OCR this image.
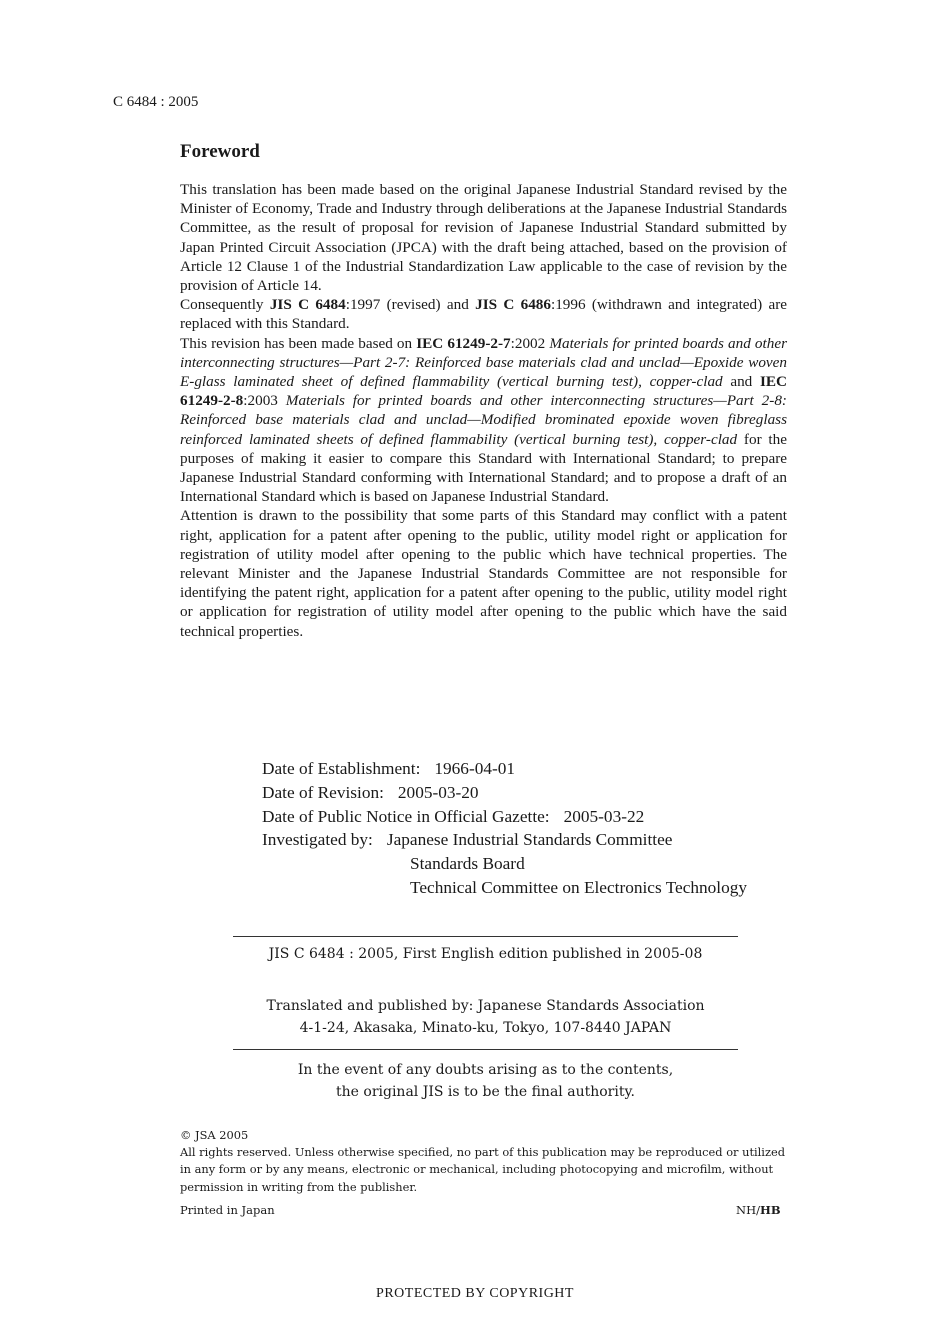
C 6484 : 2005
Foreword

This translation has been made based on the original Japanese Industrial Standard revised by the Minister of Economy, Trade and Industry through deliberations at the Japanese Industrial Standards Committee, as the result of proposal for revision of Japanese Industrial Standard submitted by Japan Printed Circuit Association (JPCA) with the draft being attached, based on the provision of Article 12 Clause 1 of the Industrial Standardization Law applicable to the case of revision by the provision of Article 14.

Consequently JIS C 6484:1997 (revised) and JIS C 6486:1996 (withdrawn and integrated) are replaced with this Standard.

This revision has been made based on IEC 61249-2-7:2002 Materials for printed boards and other interconnecting structures—Part 2-7: Reinforced base materials clad and unclad—Epoxide woven E-glass laminated sheet of defined flammability (vertical burning test), copper-clad and IEC 61249-2-8:2003 Materials for printed boards and other interconnecting structures—Part 2-8: Reinforced base materials clad and unclad—Modified brominated epoxide woven fibreglass reinforced laminated sheets of defined flammability (vertical burning test), copper-clad for the purposes of making it easier to compare this Standard with International Standard; to prepare Japanese Industrial Standard conforming with International Standard; and to propose a draft of an International Standard which is based on Japanese Industrial Standard.

Attention is drawn to the possibility that some parts of this Standard may conflict with a patent right, application for a patent after opening to the public, utility model right or application for registration of utility model after opening to the public which have technical properties. The relevant Minister and the Japanese Industrial Standards Committee are not responsible for identifying the patent right, application for a patent after opening to the public, utility model right or application for registration of utility model after opening to the public which have the said technical properties.

Date of Establishment: 1966-04-01
Date of Revision: 2005-03-20
Date of Public Notice in Official Gazette: 2005-03-22
Investigated by: Japanese Industrial Standards Committee
Standards Board
Technical Committee on Electronics Technology
JIS C 6484 : 2005, First English edition published in 2005-08
Translated and published by: Japanese Standards Association
4-1-24, Akasaka, Minato-ku, Tokyo, 107-8440 JAPAN
In the event of any doubts arising as to the contents,
the original JIS is to be the final authority.
© JSA 2005
All rights reserved. Unless otherwise specified, no part of this publication may be reproduced or utilized in any form or by any means, electronic or mechanical, including photocopying and microfilm, without permission in writing from the publisher.
Printed in Japan	NH/HB
PROTECTED BY COPYRIGHT
